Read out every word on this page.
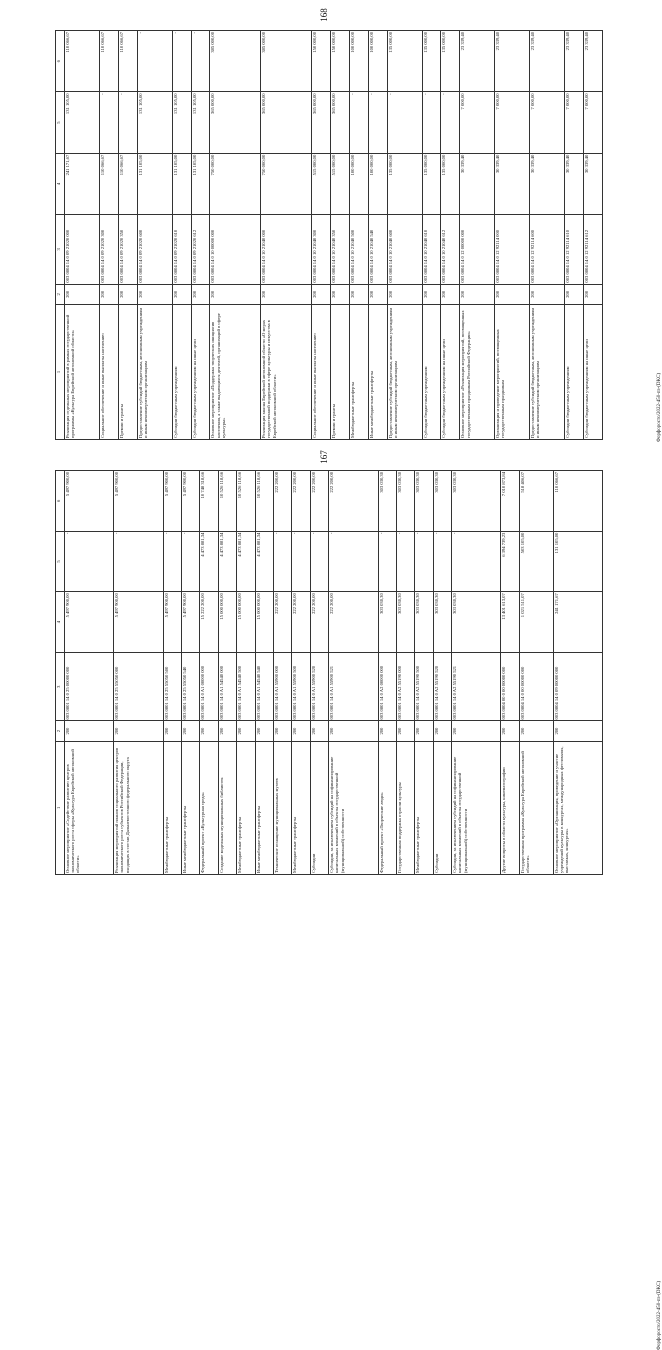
168
1	2	3	4	5	6
Реализация отдельных мероприятий в рамках государственной программы «Культура Еврейской автономной области»	200	003 0804 14 0 09 21020 000	241 171,67	131 105,00	110 066,67
Социальное обеспечение и иные выплаты населению	200	003 0804 14 0 09 21020 300	110 066,67	-	110 066,67
Премии и гранты	200	003 0804 14 0 09 21020 350	110 066,67	-	110 066,67
Предоставление субсидий бюджетным, автономным учреждениям и иным некоммерческим организациям	200	003 0804 14 0 09 21020 600	131 105,00	131 105,00	-
Субсидии бюджетным учреждениям	200	003 0804 14 0 09 21020 610	131 105,00	131 105,00	-
Субсидии бюджетным учреждениям на иные цели	200	003 0804 14 0 09 21020 612	131 105,00	131 105,00	-
Основное мероприятие «Поддержка творческих инициатив населения, а также выдающихся деятелей, организаций в сфере культуры»	200	003 0804 14 0 10 00000 000	750 000,00	365 000,00	385 000,00
Реализация закона Еврейской автономной области «О мерах государственной поддержки в сфере культуры и искусства в Еврейской автономной области»	200	003 0804 14 0 10 21040 000	750 000,00	365 000,00	385 000,00
Социальное обеспечение и иные выплаты населению	200	003 0804 14 0 10 21040 300	515 000,00	365 000,00	150 000,00
Премии и гранты	200	003 0804 14 0 10 21040 350	515 000,00	365 000,00	150 000,00
Межбюджетные трансферты	200	003 0804 14 0 10 21040 500	100 000,00	-	100 000,00
Иные межбюджетные трансферты	200	003 0804 14 0 10 21040 540	100 000,00	-	100 000,00
Предоставление субсидий бюджетным, автономным учреждениям и иным некоммерческим организациям	200	003 0804 14 0 10 21040 600	135 000,00	-	135 000,00
Субсидии бюджетным учреждениям	200	003 0804 14 0 10 21040 610	135 000,00	-	135 000,00
Субсидии бюджетным учреждениям на иные цели	200	003 0804 14 0 10 21040 612	135 000,00	-	135 000,00
Основное мероприятие «Реализация мероприятий, посвященных государственным праздникам Российской Федерации»	200	003 0804 14 0 12 00000 000	30 339,40	7 000,00	23 339,40
Организация и проведение мероприятий, посвященных государственным праздникам	200	003 0804 14 0 12 92114 000	30 339,40	7 000,00	23 339,40
Предоставление субсидий бюджетным, автономным учреждениям и иным некоммерческим организациям	200	003 0804 14 0 12 92114 600	30 339,40	7 000,00	23 339,40
Субсидии бюджетным учреждениям	200	003 0804 14 0 12 92114 610	30 339,40	7 000,00	23 339,40
Субсидии бюджетным учреждениям на иные цели	200	003 0804 14 0 12 92114 612	30 339,40	7 000,00	23 339,40
Форфоросто/2022-450-пз-(DKC)
167
1	2	3	4	5	6
Основное мероприятие «Содействие развитию центров экономического роста сферы «Культура Еврейской автономной области»	200	003 0801 14 0 25 00000 000	5 497 900,00	-	5 497 900,00
Реализация мероприятий планов социального развития центров экономического роста субъектов Российской Федерации, входящих в состав Дальневосточного федерального округа	200	003 0801 14 0 25 55050 000	5 497 900,00	-	5 497 900,00
Межбюджетные трансферты	200	003 0801 14 0 25 55050 500	5 497 900,00	-	5 497 900,00
Иные межбюджетные трансферты	200	003 0801 14 0 25 55050 540	5 497 900,00	-	5 497 900,00
Федеральный проект «Культурная среда»	200	003 0801 14 0 A1 00000 000	15 222 200,00	4 473 881,34	10 748 318,66
Создание модельных муниципальных библиотек	200	003 0801 14 0 A1 54540 000	15 000 000,00	4 473 881,34	10 526 118,66
Межбюджетные трансферты	200	003 0801 14 0 A1 54540 500	15 000 000,00	4 473 881,34	10 526 118,66
Иные межбюджетные трансферты	200	003 0801 14 0 A1 54540 540	15 000 000,00	4 473 881,34	10 526 118,66
Техническое оснащение муниципальных музеев	200	003 0801 14 0 A1 55900 000	222 200,00	-	222 200,00
Межбюджетные трансферты	200	003 0801 14 0 A1 55900 500	222 200,00	-	222 200,00
Субсидии	200	003 0801 14 0 A1 55900 520	222 200,00	-	222 200,00
Субсидии, за исключением субсидий на софинансирование капитальных вложений в объекты государственной (муниципальной) собственности	200	003 0801 14 0 A1 55900 521	222 200,00	-	222 200,00
Федеральный проект «Творческие люди»	200	003 0801 14 0 A2 00000 000	303 030,30	-	303 030,30
Государственная поддержка отрасли культуры	200	003 0801 14 0 A2 55190 000	303 030,30	-	303 030,30
Межбюджетные трансферты	200	003 0801 14 0 A2 55190 500	303 030,30	-	303 030,30
Субсидии	200	003 0801 14 0 A2 55190 520	303 030,30	-	303 030,30
Субсидии, за исключением субсидий на софинансирование капитальных вложений в объекты государственной (муниципальной) собственности	200	003 0801 14 0 A2 55190 521	303 030,30	-	303 030,30
Другие вопросы в области культуры, кинематографии	200	003 0804 00 0 00 00000 000	13 401 613,07	6 394 739,23	7 010 873,84
Государственная программа «Культура Еврейской автономной области»	200	003 0804 14 0 00 00000 000	1 021 511,07	503 105,00	518 406,07
Основное мероприятие «Организация, проведение и участие учреждений культуры в конкурсах, международных фестивалях, выставках, конкурсах»	200	003 0804 14 0 09 00000 000	241 171,67	131 105,00	110 066,67
Форфоросто/2022-450-пз-(DKC)
